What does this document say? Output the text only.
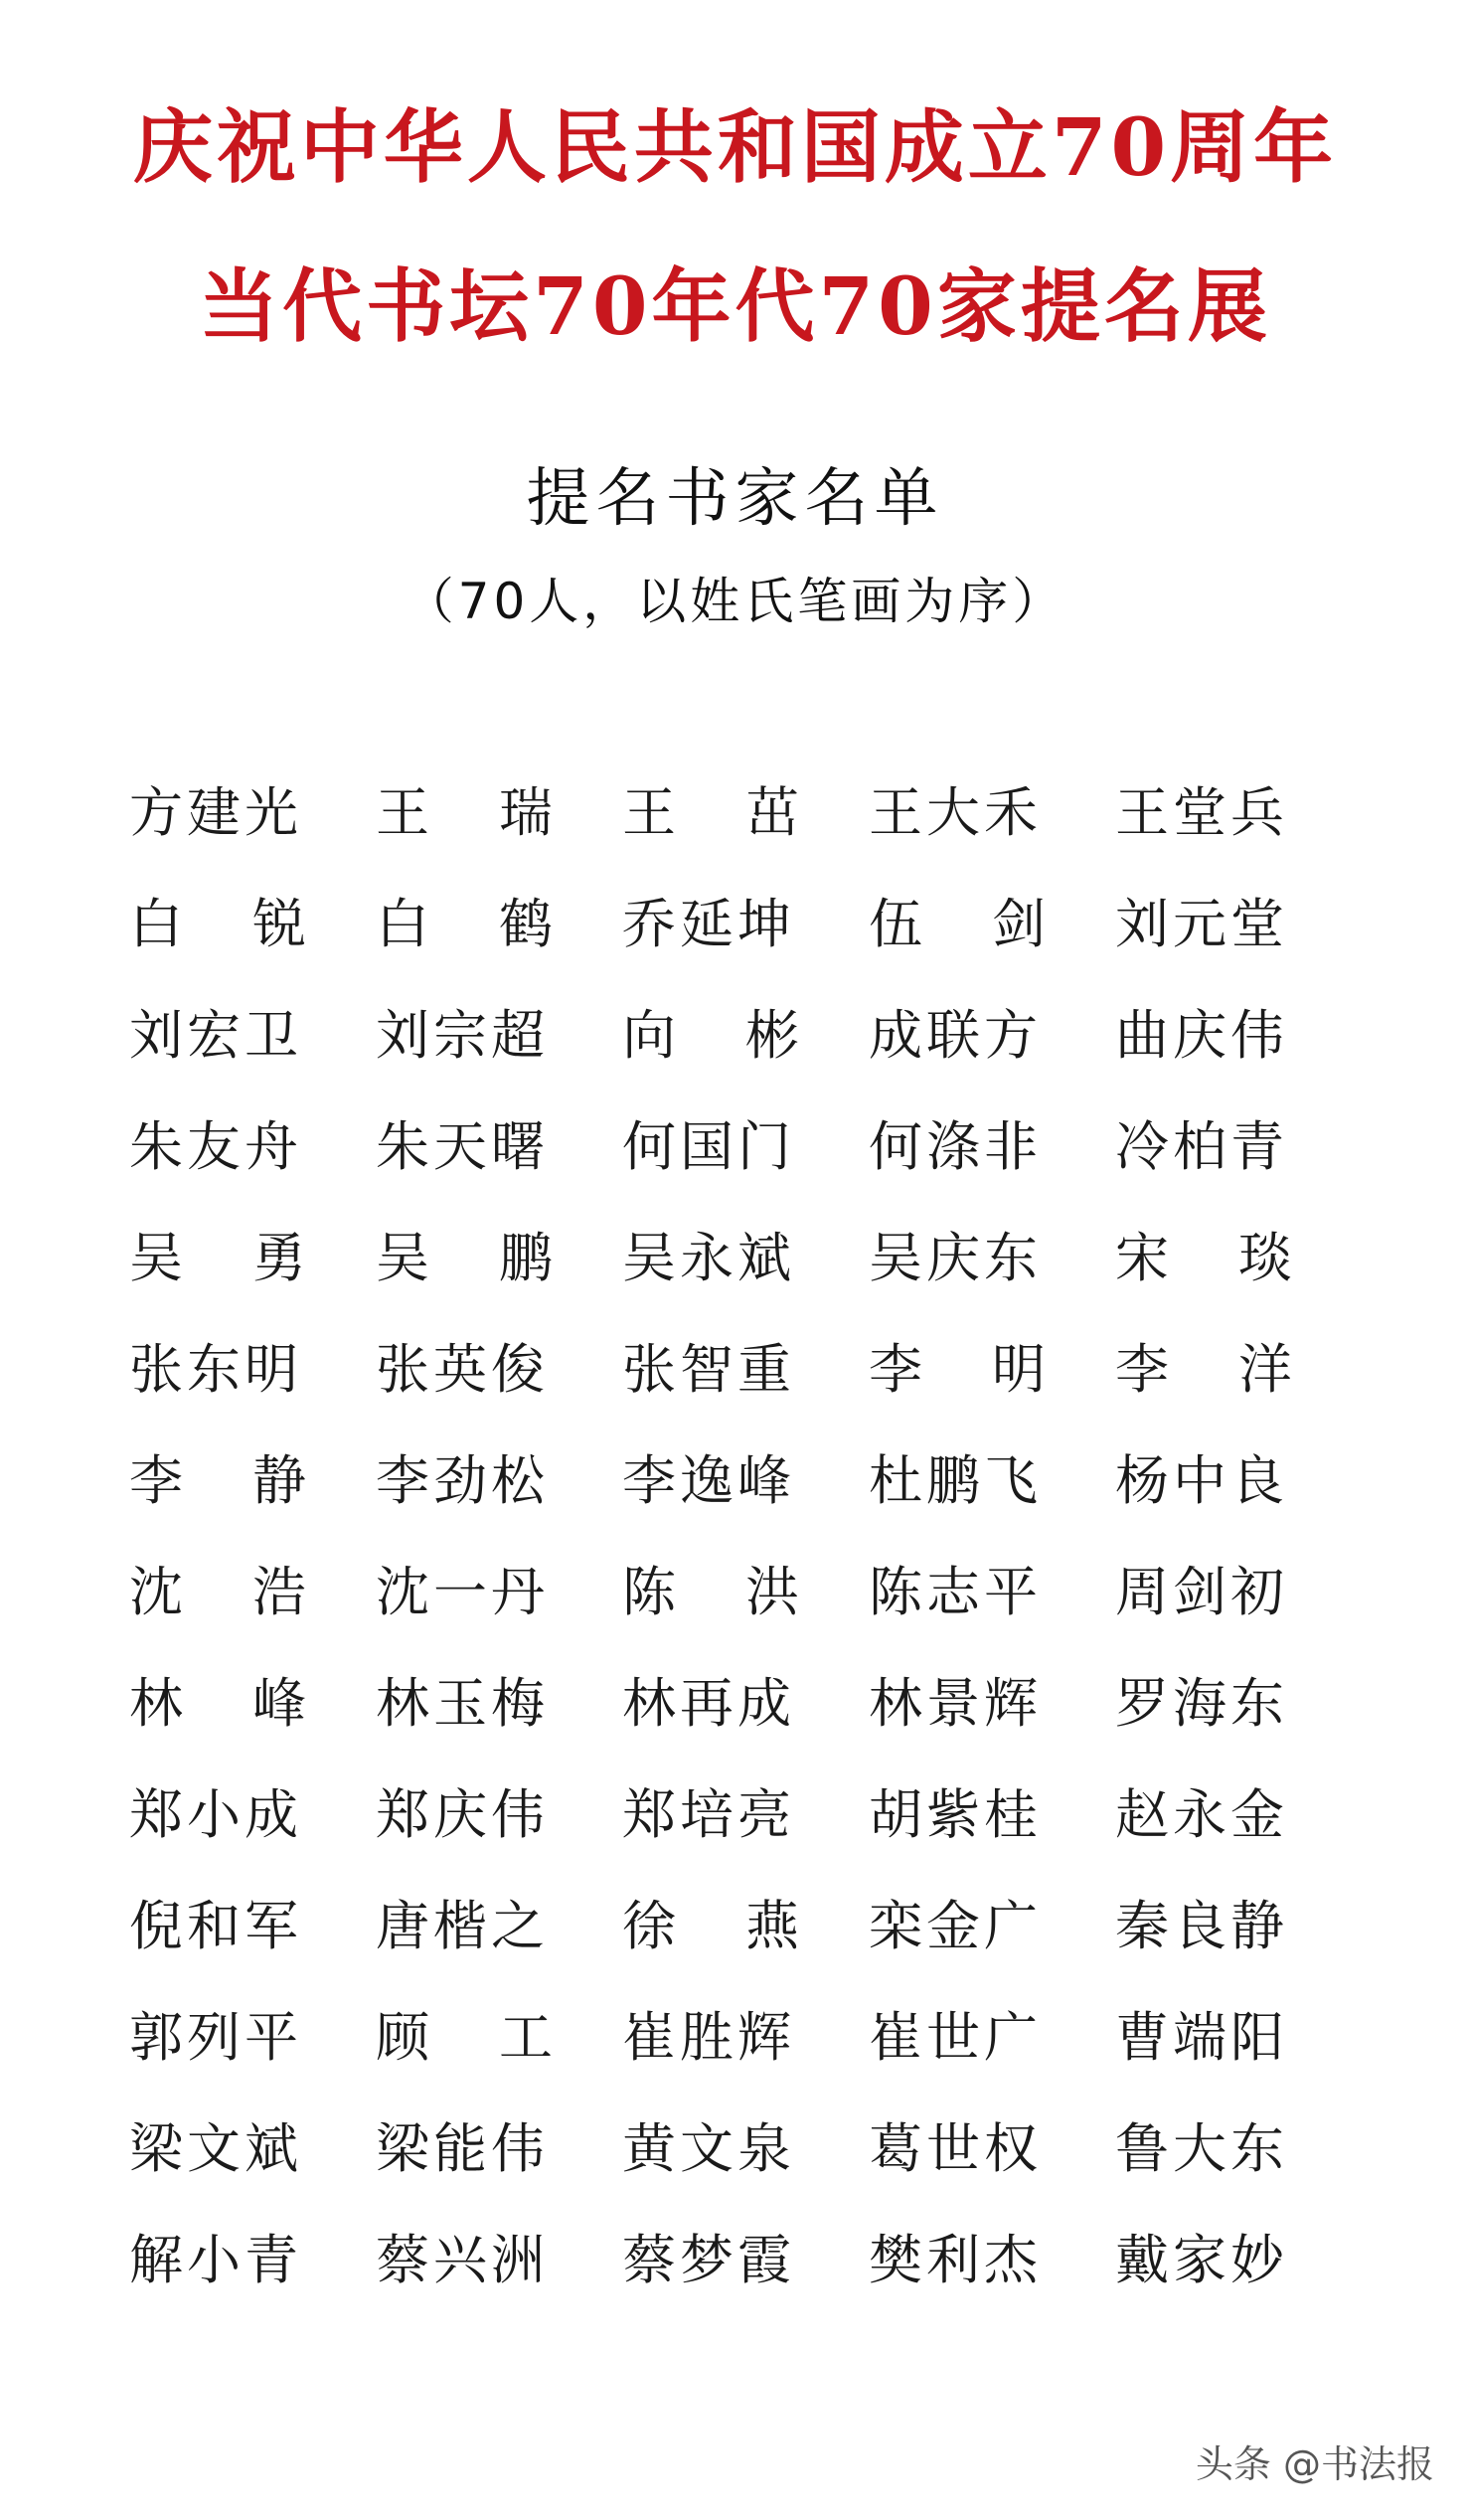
庆祝中华人民共和国成立70周年
当代书坛70年代70家提名展
提名书家名单
（70人，以姓氏笔画为序）
方建光	王瑞 王茁 王大禾	王堂兵
白锐 白鹤 乔延坤	伍剑 刘元堂
刘宏卫	刘宗超	向彬 成联方	曲庆伟
朱友舟	朱天曙	何国门	何涤非	冷柏青
吴勇 吴鹏 吴永斌	吴庆东	宋琰
张东明	张英俊	张智重	李明 李洋
李静 李劲松	李逸峰	杜鹏飞	杨中良
沈浩 沈一丹	陈洪 陈志平	周剑初
林峰 林玉梅	林再成	林景辉	罗海东
郑小成	郑庆伟	郑培亮	胡紫桂	赵永金
倪和军	唐楷之	徐燕 栾金广	秦良静
郭列平	顾工 崔胜辉	崔世广	曹端阳
梁文斌	梁能伟	黄文泉	葛世权	鲁大东
解小青	蔡兴洲	蔡梦霞	樊利杰	戴家妙
头条 @书法报
